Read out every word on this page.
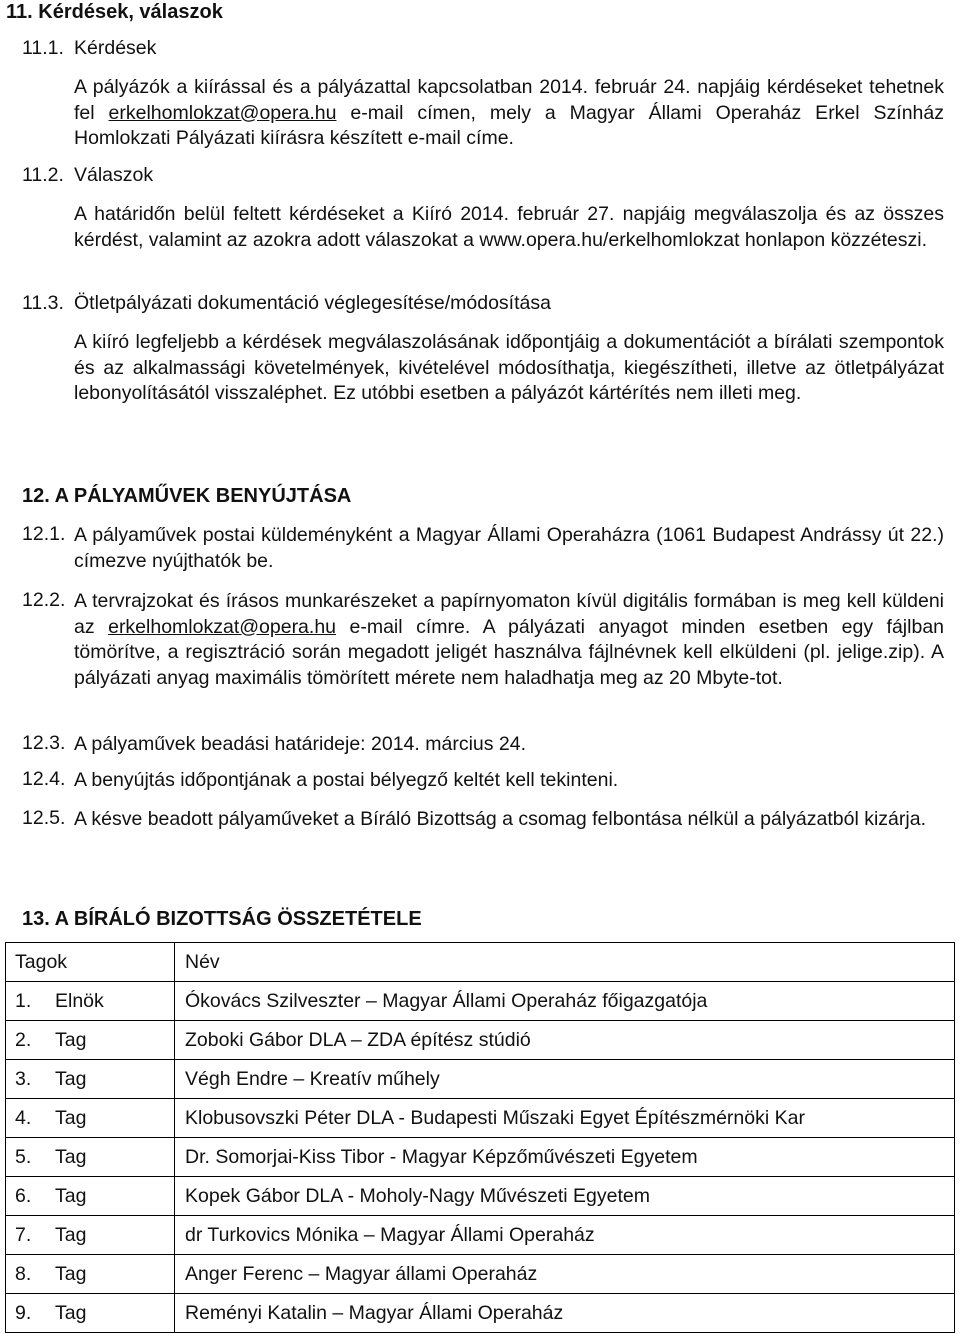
11. Kérdések, válaszok
11.1. Kérdések
A pályázók a kiírással és a pályázattal kapcsolatban 2014. február 24. napjáig kérdéseket tehetnek fel erkelhomlokzat@opera.hu e-mail címen, mely a Magyar Állami Operaház Erkel Színház Homlokzati Pályázati kiírásra készített e-mail címe.
11.2. Válaszok
A határidőn belül feltett kérdéseket a Kiíró 2014. február 27. napjáig megválaszolja és az összes kérdést, valamint az azokra adott válaszokat a www.opera.hu/erkelhomlokzat honlapon közzéteszi.
11.3. Ötletpályázati dokumentáció véglegesítése/módosítása
A kiíró legfeljebb a kérdések megválaszolásának időpontjáig a dokumentációt a bírálati szempontok és az alkalmassági követelmények, kivételével módosíthatja, kiegészítheti, illetve az ötletpályázat lebonyolításától visszaléphet. Ez utóbbi esetben a pályázót kártérítés nem illeti meg.
12. A PÁLYAMŰVEK BENYÚJTÁSA
12.1. A pályaművek postai küldeményként a Magyar Állami Operaházra (1061 Budapest Andrássy út 22.) címezve nyújthatók be.
12.2. A tervrajzokat és írásos munkarészeket a papírnyomaton kívül digitális formában is meg kell küldeni az erkelhomlokzat@opera.hu e-mail címre. A pályázati anyagot minden esetben egy fájlban tömörítve, a regisztráció során megadott jeligét használva fájlnévnek kell elküldeni (pl. jelige.zip). A pályázati anyag maximális tömörített mérete nem haladhatja meg az 20 Mbyte-tot.
12.3. A pályaművek beadási határideje: 2014. március 24.
12.4. A benyújtás időpontjának a postai bélyegző keltét kell tekinteni.
12.5. A késve beadott pályaműveket a Bíráló Bizottság a csomag felbontása nélkül a pályázatból kizárja.
13. A BÍRÁLÓ BIZOTTSÁG ÖSSZETÉTELE
Tagok	Név
1. Elnök	Ókovács Szilveszter – Magyar Állami Operaház főigazgatója
2. Tag	Zoboki Gábor DLA – ZDA építész stúdió
3. Tag	Végh Endre – Kreatív műhely
4. Tag	Klobusovszki Péter DLA - Budapesti Műszaki Egyet Építészmérnöki Kar
5. Tag	Dr. Somorjai-Kiss Tibor - Magyar Képzőművészeti Egyetem
6. Tag	Kopek Gábor DLA - Moholy-Nagy Művészeti Egyetem
7. Tag	dr Turkovics Mónika – Magyar Állami Operaház
8. Tag	Anger Ferenc – Magyar állami Operaház
9. Tag	Reményi Katalin – Magyar Állami Operaház
